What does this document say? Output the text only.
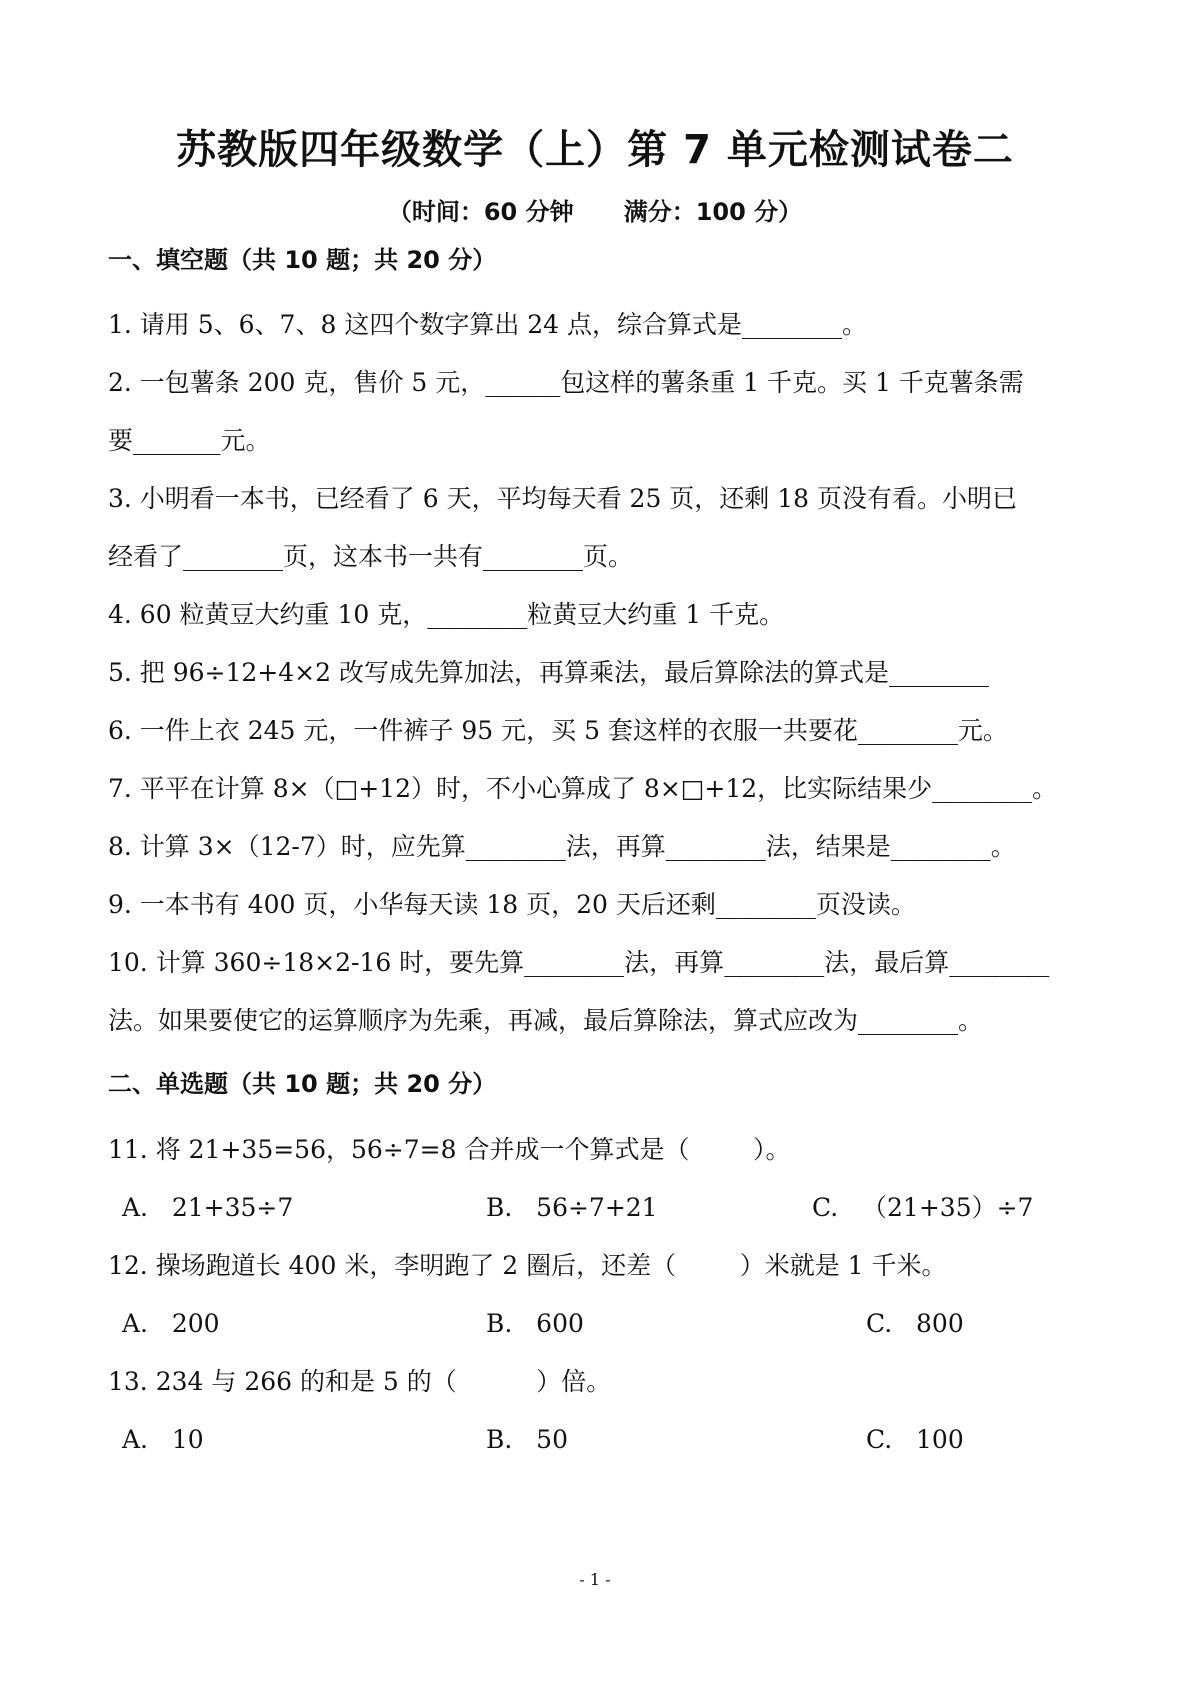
苏教版四年级数学（上）第 7 单元检测试卷二
（时间：60 分钟      满分：100 分）
一、填空题（共 10 题；共 20 分）
1. 请用 5、6、7、8 这四个数字算出 24 点，综合算式是________。
2. 一包薯条 200 克，售价 5 元，______包这样的薯条重 1 千克。买 1 千克薯条需
要_______元。
3. 小明看一本书，已经看了 6 天，平均每天看 25 页，还剩 18 页没有看。小明已
经看了________页，这本书一共有________页。
4. 60 粒黄豆大约重 10 克，________粒黄豆大约重 1 千克。
5. 把 96÷12+4×2 改写成先算加法，再算乘法，最后算除法的算式是________
6. 一件上衣 245 元，一件裤子 95 元，买 5 套这样的衣服一共要花________元。
7. 平平在计算 8×（□+12）时，不小心算成了 8×□+12，比实际结果少________。
8. 计算 3×（12-7）时，应先算________法，再算________法，结果是________。
9. 一本书有 400 页，小华每天读 18 页，20 天后还剩________页没读。
10. 计算 360÷18×2-16 时，要先算________法，再算________法，最后算________
法。如果要使它的运算顺序为先乘，再减，最后算除法，算式应改为________。
二、单选题（共 10 题；共 20 分）
11. 将 21+35=56，56÷7=8 合并成一个算式是（        ）。
A.   21+35÷7	B.   56÷7+21	C.   （21+35）÷7
12. 操场跑道长 400 米，李明跑了 2 圈后，还差（        ）米就是 1 千米。
A.   200	B.   600	C.   800
13. 234 与 266 的和是 5 的（          ）倍。
A.   10	B.   50	C.   100
- 1 -
